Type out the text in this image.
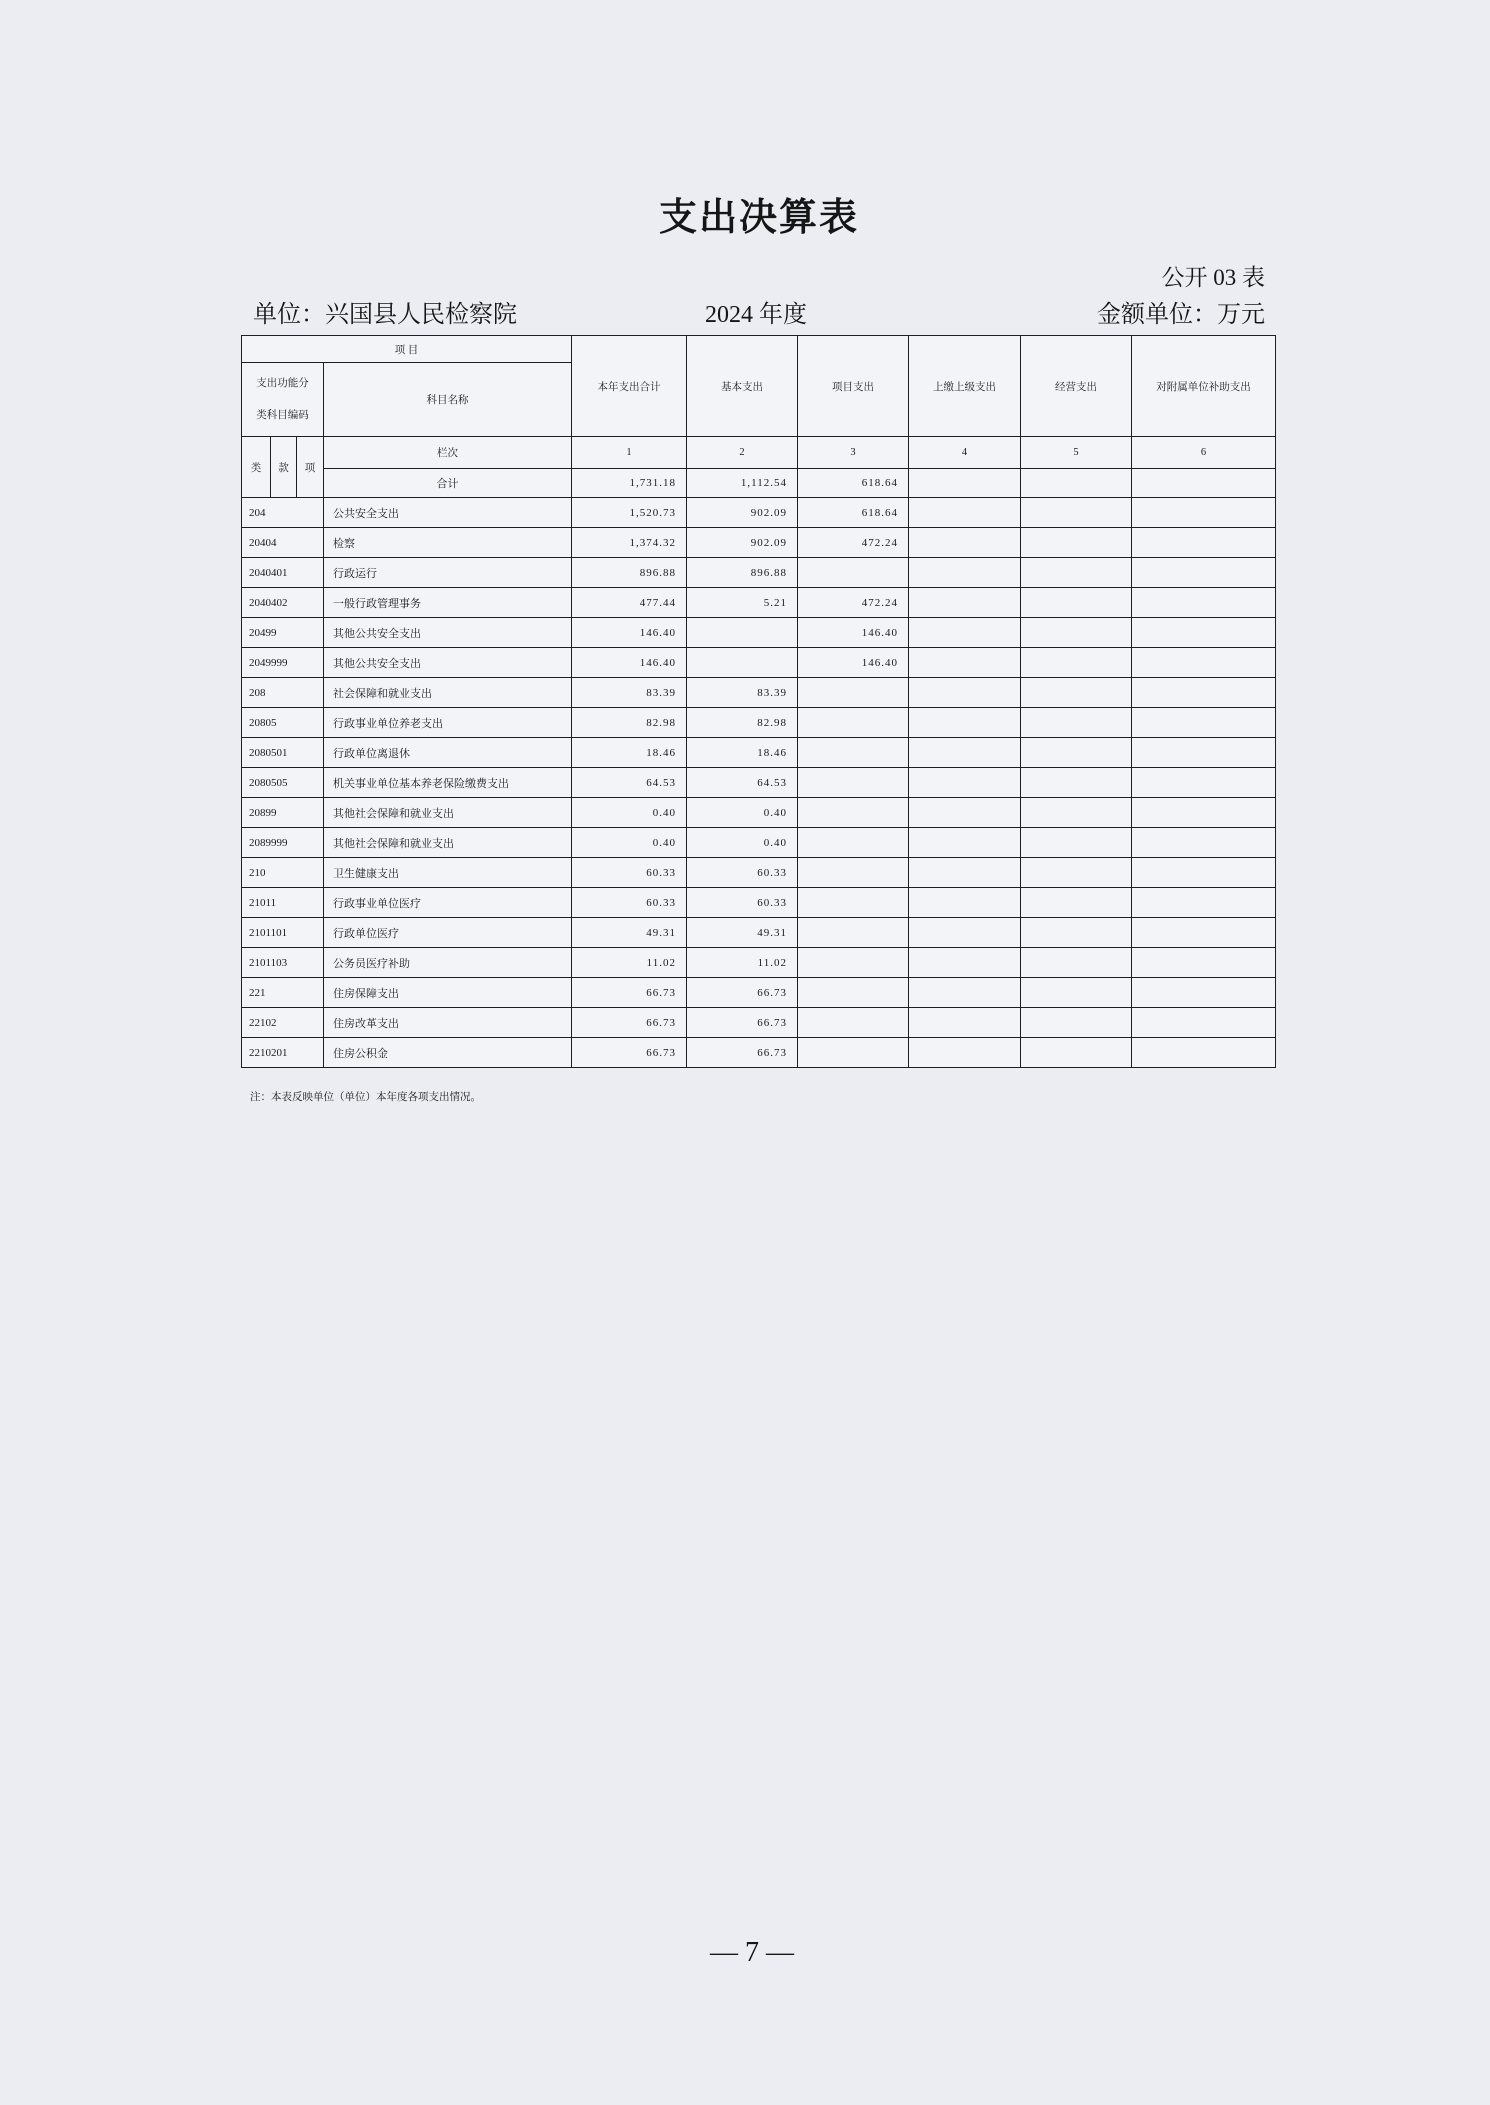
支出决算表
公开 03 表
单位：兴国县人民检察院	2024 年度	金额单位：万元
项 目				本年支出合计	基本支出	项目支出	上缴上级支出	经营支出	对附属单位补助支出
支出功能分类科目编码			科目名称						
类	款	项	栏次	1	2	3	4	5	6
			合计	1,731.18	1,112.54	618.64			
204			公共安全支出	1,520.73	902.09	618.64			
20404			检察	1,374.32	902.09	472.24			
2040401			行政运行	896.88	896.88				
2040402			一般行政管理事务	477.44	5.21	472.24			
20499			其他公共安全支出	146.40		146.40			
2049999			其他公共安全支出	146.40		146.40			
208			社会保障和就业支出	83.39	83.39				
20805			行政事业单位养老支出	82.98	82.98				
2080501			行政单位离退休	18.46	18.46				
2080505			机关事业单位基本养老保险缴费支出	64.53	64.53				
20899			其他社会保障和就业支出	0.40	0.40				
2089999			其他社会保障和就业支出	0.40	0.40				
210			卫生健康支出	60.33	60.33				
21011			行政事业单位医疗	60.33	60.33				
2101101			行政单位医疗	49.31	49.31				
2101103			公务员医疗补助	11.02	11.02				
221			住房保障支出	66.73	66.73				
22102			住房改革支出	66.73	66.73				
2210201			住房公积金	66.73	66.73				
注：本表反映单位（单位）本年度各项支出情况。
— 7 —
